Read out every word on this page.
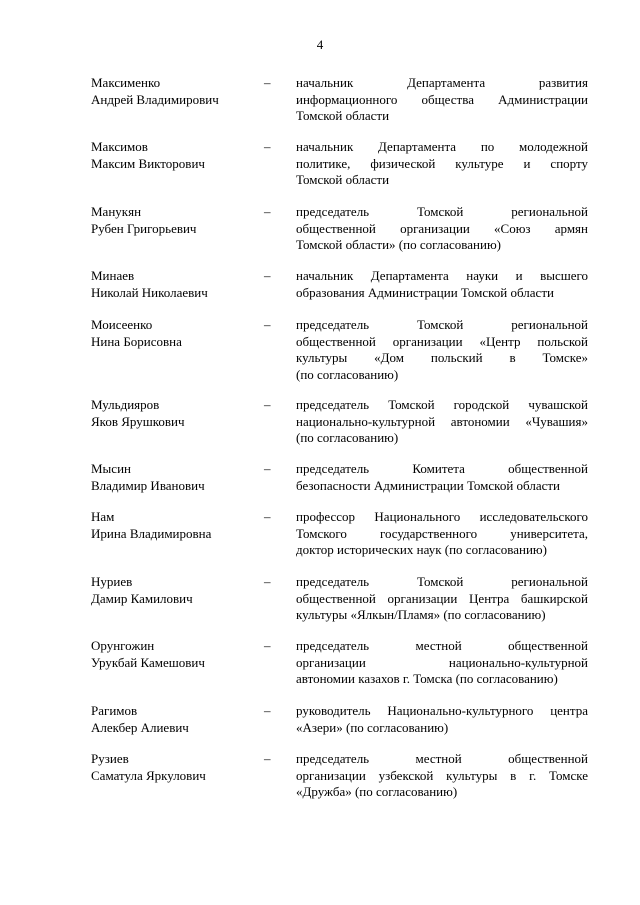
4
Максименко
Андрей Владимирович
– начальник Департамента развития
информационного общества Администрации
Томской области
Максимов
Максим Викторович
– начальник Департамента по молодежной
политике, физической культуре и спорту
Томской области
Манукян
Рубен Григорьевич
– председатель Томской региональной
общественной организации «Союз армян
Томской области» (по согласованию)
Минаев
Николай Николаевич
– начальник Департамента науки и высшего
образования Администрации Томской области
Моисеенко
Нина Борисовна
– председатель Томской региональной
общественной организации «Центр польской
культуры «Дом польский в Томске»
(по согласованию)
Мульдияров
Яков Ярушкович
– председатель Томской городской чувашской
национально-культурной автономии «Чувашия»
(по согласованию)
Мысин
Владимир Иванович
– председатель Комитета общественной
безопасности Администрации Томской области
Нам
Ирина Владимировна
– профессор Национального исследовательского
Томского государственного университета,
доктор исторических наук (по согласованию)
Нуриев
Дамир Камилович
– председатель Томской региональной
общественной организации Центра башкирской
культуры «Ялкын/Пламя» (по согласованию)
Орунгожин
Урукбай Камешович
– председатель местной общественной
организации национально-культурной
автономии казахов г. Томска (по согласованию)
Рагимов
Алекбер Алиевич
– руководитель Национально-культурного центра
«Азери» (по согласованию)
Рузиев
Саматула Яркулович
– председатель местной общественной
организации узбекской культуры в г. Томске
«Дружба» (по согласованию)
